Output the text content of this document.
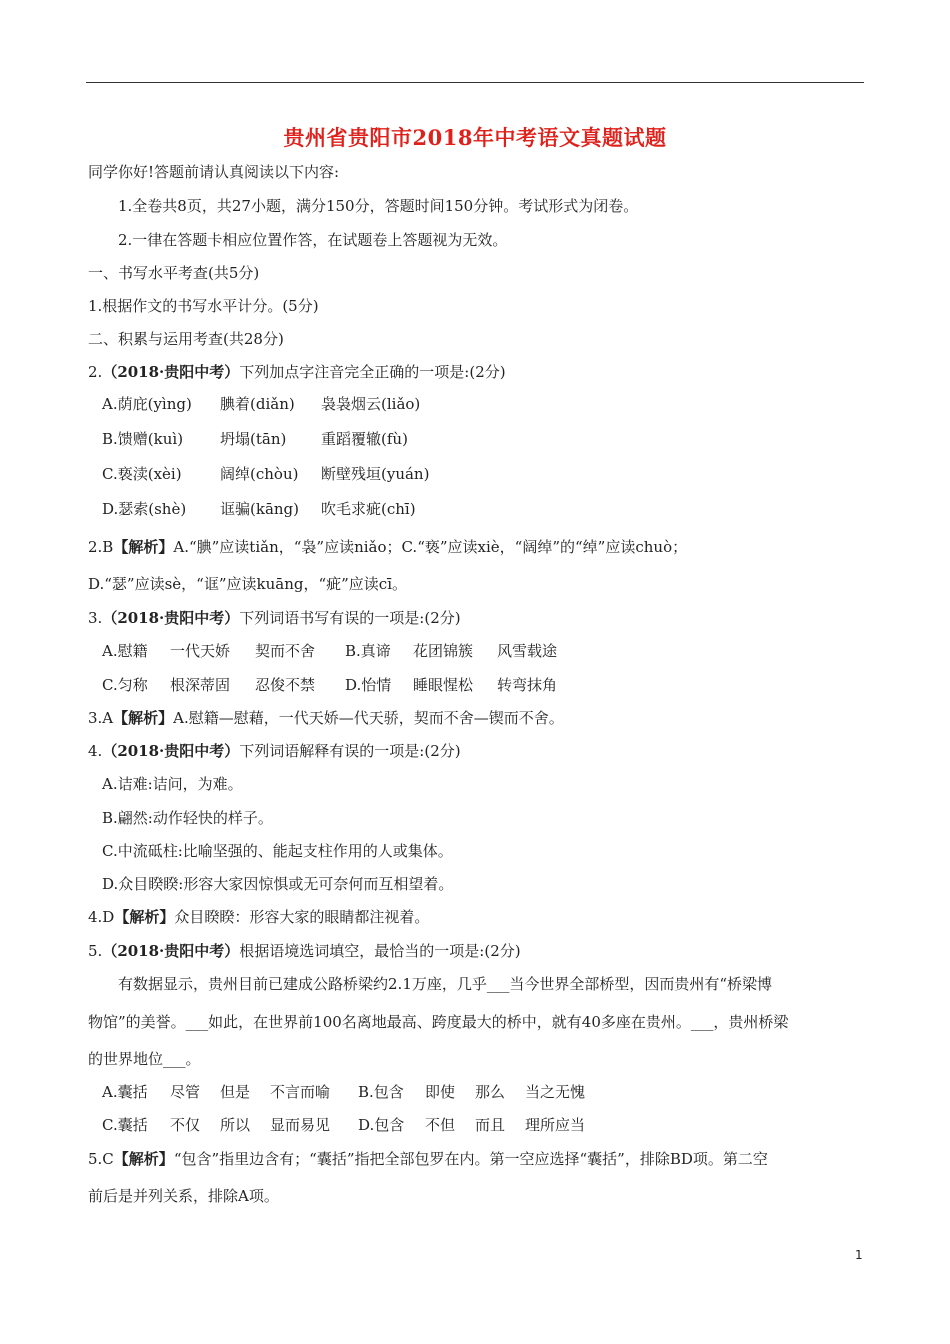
贵州省贵阳市2018年中考语文真题试题
同学你好!答题前请认真阅读以下内容:
1.全卷共8页，共27小题，满分150分，答题时间150分钟。考试形式为闭卷。
2.一律在答题卡相应位置作答，在试题卷上答题视为无效。
一、书写水平考查(共5分)
1.根据作文的书写水平计分。(5分)
二、积累与运用考查(共28分)
2.（2018·贵阳中考）下列加点字注音完全正确的一项是:(2分)
A.荫庇(yìng) 腆着(diǎn) 袅袅烟云(liǎo)
B.馈赠(kuì) 坍塌(tān) 重蹈覆辙(fù)
C.亵渎(xèi)	阔绰(chòu) 断壁残垣(yuán)
D.瑟索(shè) 诓骗(kāng) 吹毛求疵(chī)
2.B【解析】A.“腆”应读tiǎn，“袅”应读niǎo；C.“亵”应读xiè，“阔绰”的“绰”应读chuò；
D.“瑟”应读sè，“诓”应读kuāng，“疵”应读cī。
3.（2018·贵阳中考）下列词语书写有误的一项是:(2分)
A.慰籍 一代天娇 契而不舍 B.真谛 花团锦簇 风雪载途
C.匀称 根深蒂固 忍俊不禁 D.怡情 睡眼惺松 转弯抹角
3.A【解析】A.慰籍—慰藉，一代天娇—代天骄，契而不舍—锲而不舍。
4.（2018·贵阳中考）下列词语解释有误的一项是:(2分)
A.诘难:诘问，为难。
B.翩然:动作轻快的样子。
C.中流砥柱:比喻坚强的、能起支柱作用的人或集体。
D.众目睽睽:形容大家因惊惧或无可奈何而互相望着。
4.D【解析】众目睽睽：形容大家的眼睛都注视着。
5.（2018·贵阳中考）根据语境选词填空，最恰当的一项是:(2分)
有数据显示，贵州目前已建成公路桥梁约2.1万座，几乎___当今世界全部桥型，因而贵州有“桥梁博
物馆”的美誉。___如此，在世界前100名离地最高、跨度最大的桥中，就有40多座在贵州。___，贵州桥梁
的世界地位___。
A.囊括 尽管 但是 不言而喻 B.包含 即使 那么 当之无愧
C.囊括 不仅 所以 显而易见 D.包含 不但 而且 理所应当
5.C【解析】“包含”指里边含有；“囊括”指把全部包罗在内。第一空应选择“囊括”，排除BD项。第二空
前后是并列关系，排除A项。
1
